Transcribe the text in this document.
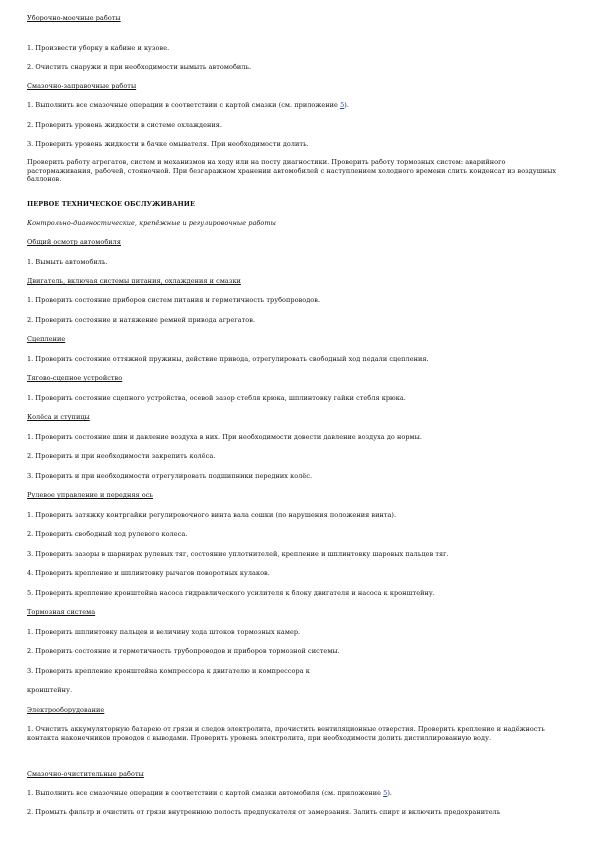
Уборочно-моечные работы
1. Произвести уборку в кабине и кузове.
2. Очистить снаружи и при необходимости вымыть автомобиль.
Смазочно-заправочные работы
1. Выполнить все смазочные операции в соответствии с картой смазки (см. приложение 5).
2. Проверить уровень жидкости в системе охлаждения.
3. Проверить уровень жидкости в бачке омывателя. При необходимости долить.
Проверить работу агрегатов, систем и механизмов на ходу или на посту диагностики. Проверить работу тормозных систем: аварийного растормаживания, рабочей, стояночной. При безгаражном хранении автомобилей с наступлением холодного времени слить конденсат из воздушных баллонов.
ПЕРВОЕ ТЕХНИЧЕСКОЕ ОБСЛУЖИВАНИЕ
Контрольно-диагностические, крепёжные и регулировочные работы
Общий осмотр автомобиля
1. Вымыть автомобиль.
Двигатель, включая системы питания, охлаждения и смазки
1. Проверить состояние приборов систем питания и герметичность трубопроводов.
2. Проверить состояние и натяжение ремней привода агрегатов.
Сцепление
1. Проверить состояние оттяжной пружины, действие привода, отрегулировать свободный ход педали сцепления.
Тягово-сцепное устройство
1. Проверить состояние сцепного устройства, осевой зазор стебля крюка, шплинтовку гайки стебля крюка.
Колёса и ступицы
1. Проверить состояние шин и давление воздуха в них. При необходимости довести давление воздуха до нормы.
2. Проверить и при необходимости закрепить колёса.
3. Проверить и при необходимости отрегулировать подшипники передних колёс.
Рулевое управление и передняя ось
1. Проверить затяжку контргайки регулировочного винта вала сошки (по нарушения положения винта).
2. Проверить свободный ход рулевого колеса.
3. Проверить зазоры в шарнирах рулевых тяг, состояние уплотнителей, крепление и шплинтовку шаровых пальцев тяг.
4. Проверить крепление и шплинтовку рычагов поворотных кулаков.
5. Проверить крепление кронштейна насоса гидравлического усилителя к блоку двигателя и насоса к кронштейну.
Тормозная система
1. Проверить шплинтовку пальцев и величину хода штоков тормозных камер.
2. Проверить состояние и герметичность трубопроводов и приборов тормозной системы.
3. Проверить крепление кронштейна компрессора к двигателю и компрессора к
кронштейну.
Электрооборудование
1. Очистить аккумуляторную батарею от грязи и следов электролита, прочистить вентиляционные отверстия. Проверить крепление и надёжность контакта наконечников проводов с выводами. Проверить уровень электролита, при необходимости долить дистиллированную воду.
Смазочно-очистительные работы
1. Выполнить все смазочные операции в соответствии с картой смазки автомобиля (см. приложение 5).
2. Промыть фильтр и очистить от грязи внутреннюю полость предпускателя от замерзания. Залить спирт и включить предохранитель
